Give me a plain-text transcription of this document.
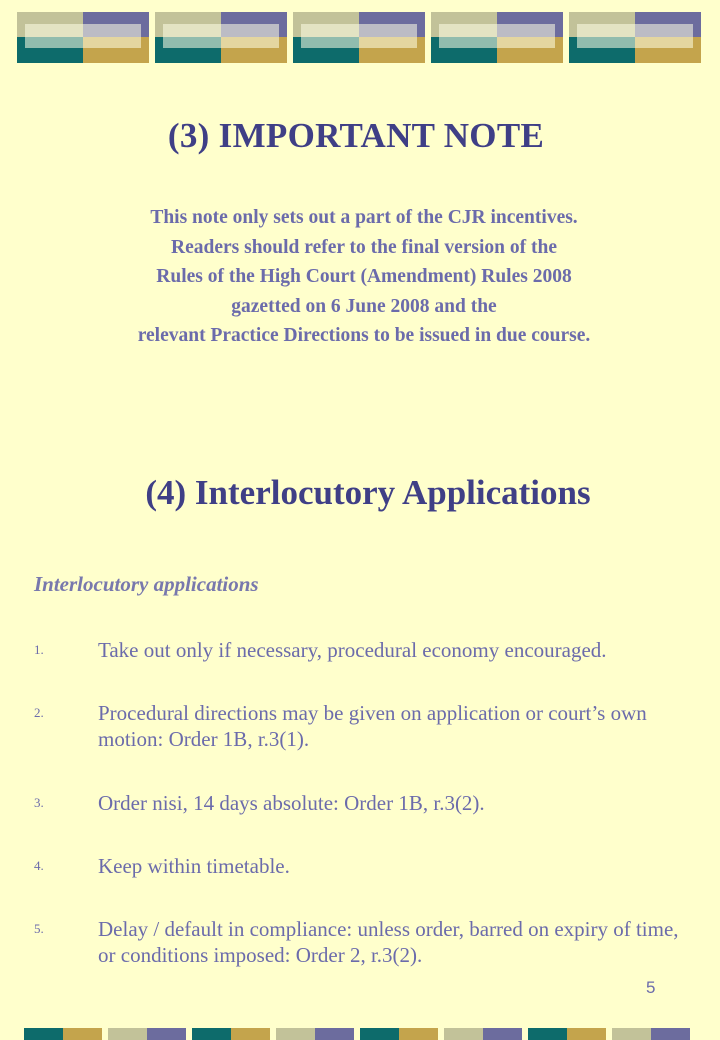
(3) IMPORTANT NOTE
This note only sets out a part of the CJR incentives.
Readers should refer to the final version of the
Rules of the High Court (Amendment) Rules 2008
gazetted on 6 June 2008 and the
relevant Practice Directions to be issued in due course.
(4) Interlocutory Applications
Interlocutory applications
1.	Take out only if necessary, procedural economy encouraged.
2.	Procedural directions may be given on application or court’s own motion: Order 1B, r.3(1).
3.	Order nisi, 14 days absolute: Order 1B, r.3(2).
4.	Keep within timetable.
5.	Delay / default in compliance: unless order, barred on expiry of time, or conditions imposed: Order 2, r.3(2).
5
